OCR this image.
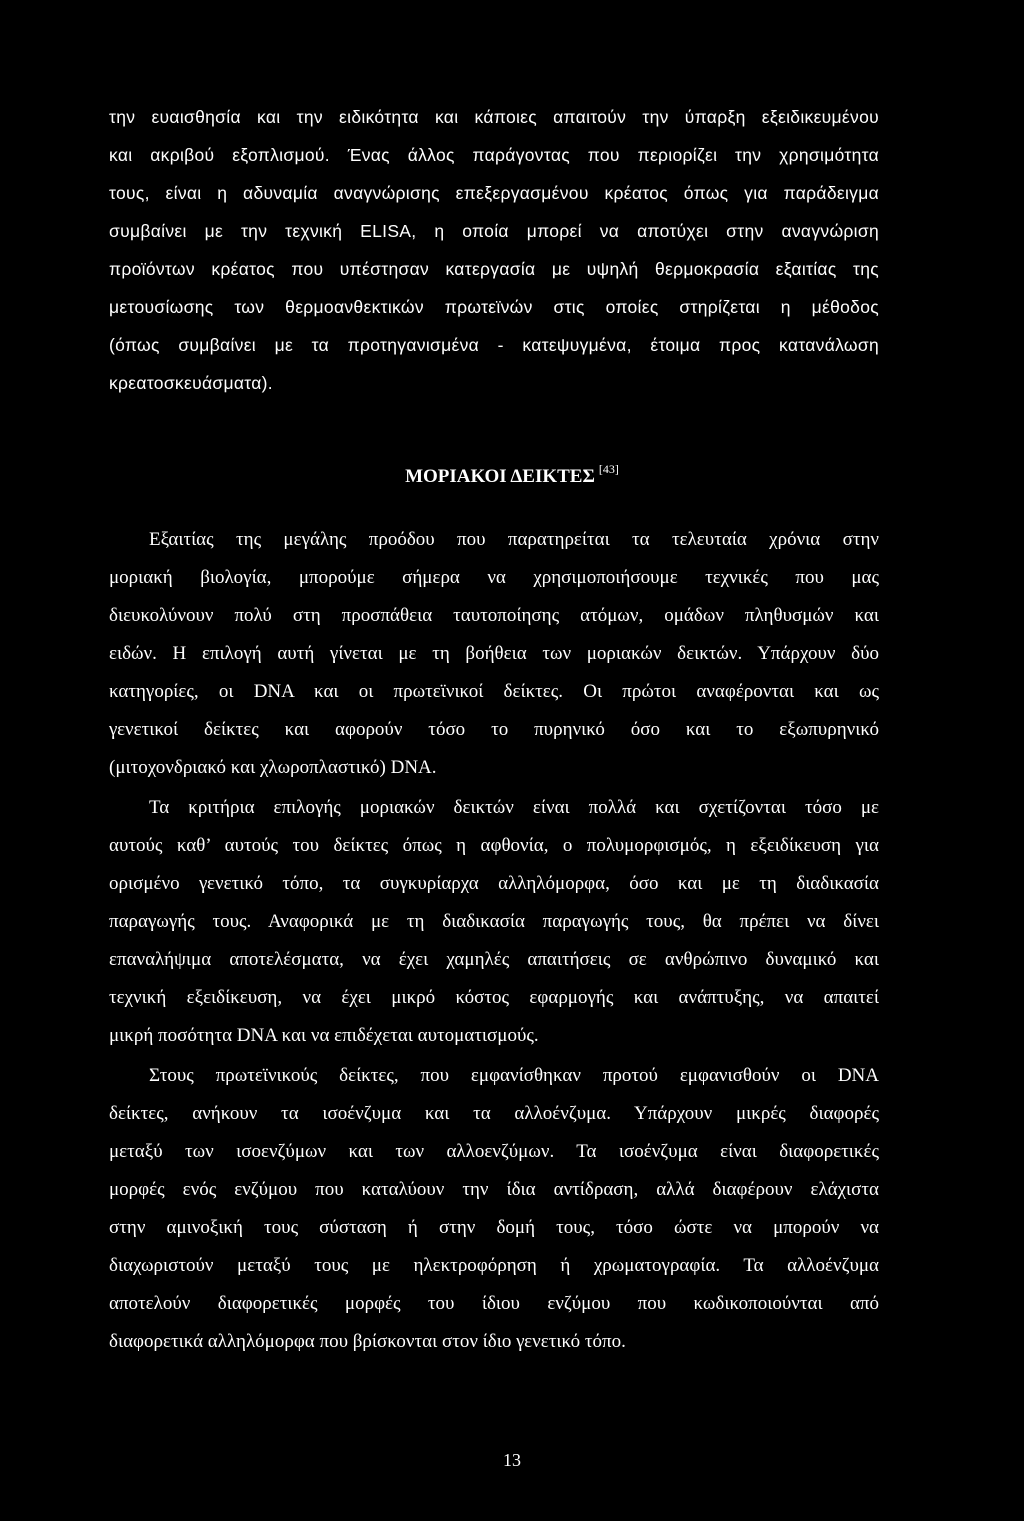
την ευαισθησία και την ειδικότητα και κάποιες απαιτούν την ύπαρξη εξειδικευμένου
και ακριβού εξοπλισμού. Ένας άλλος παράγοντας που περιορίζει την χρησιμότητα
τους, είναι η αδυναμία αναγνώρισης επεξεργασμένου κρέατος όπως για παράδειγμα
συμβαίνει με την τεχνική ELISA, η οποία μπορεί να αποτύχει στην αναγνώριση
προϊόντων κρέατος που υπέστησαν κατεργασία με υψηλή θερμοκρασία εξαιτίας της
μετουσίωσης των θερμοανθεκτικών πρωτεϊνών στις οποίες στηρίζεται η μέθοδος
(όπως συμβαίνει με τα προτηγανισμένα - κατεψυγμένα, έτοιμα προς κατανάλωση
κρεατοσκευάσματα).
ΜΟΡΙΑΚΟΙ ΔΕΙΚΤΕΣ [43]
Εξαιτίας της μεγάλης προόδου που παρατηρείται τα τελευταία χρόνια στην
μοριακή βιολογία, μπορούμε σήμερα να χρησιμοποιήσουμε τεχνικές που μας
διευκολύνουν πολύ στη προσπάθεια ταυτοποίησης ατόμων, ομάδων πληθυσμών και
ειδών. Η επιλογή αυτή γίνεται με τη βοήθεια των μοριακών δεικτών. Υπάρχουν δύο
κατηγορίες, οι DNA και οι πρωτεϊνικοί δείκτες. Οι πρώτοι αναφέρονται και ως
γενετικοί δείκτες και αφορούν τόσο το πυρηνικό όσο και το εξωπυρηνικό
(μιτοχονδριακό και χλωροπλαστικό) DNA.
Τα κριτήρια επιλογής μοριακών δεικτών είναι πολλά και σχετίζονται τόσο με
αυτούς καθ’ αυτούς του δείκτες όπως η αφθονία, ο πολυμορφισμός, η εξειδίκευση για
ορισμένο γενετικό τόπο, τα συγκυρίαρχα αλληλόμορφα, όσο και με τη διαδικασία
παραγωγής τους. Αναφορικά με τη διαδικασία παραγωγής τους, θα πρέπει να δίνει
επαναλήψιμα αποτελέσματα, να έχει χαμηλές απαιτήσεις σε ανθρώπινο δυναμικό και
τεχνική εξειδίκευση, να έχει μικρό κόστος εφαρμογής και ανάπτυξης, να απαιτεί
μικρή ποσότητα DNA και να επιδέχεται αυτοματισμούς.
Στους πρωτεϊνικούς δείκτες, που εμφανίσθηκαν προτού εμφανισθούν οι DNA
δείκτες, ανήκουν τα ισοένζυμα και τα αλλοένζυμα. Υπάρχουν μικρές διαφορές
μεταξύ των ισοενζύμων και των αλλοενζύμων. Τα ισοένζυμα είναι διαφορετικές
μορφές ενός ενζύμου που καταλύουν την ίδια αντίδραση, αλλά διαφέρουν ελάχιστα
στην αμινοξική τους σύσταση ή στην δομή τους, τόσο ώστε να μπορούν να
διαχωριστούν μεταξύ τους με ηλεκτροφόρηση ή χρωματογραφία. Τα αλλοένζυμα
αποτελούν διαφορετικές μορφές του ίδιου ενζύμου που κωδικοποιούνται από
διαφορετικά αλληλόμορφα που βρίσκονται στον ίδιο γενετικό τόπο.
13
